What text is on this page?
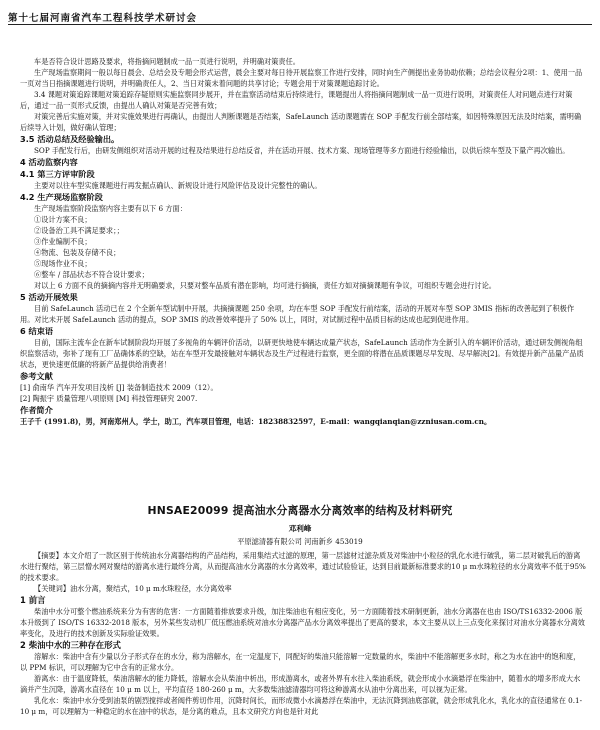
第十七届河南省汽车工程科技学术研讨会

车是否符合设计思路及要求，将指摘问题制成一品一页进行说明，并明确对策责任。

生产现场监察期间一般以每日晨会、总结会及专题会形式运营，晨会主要对每日待开展监察工作进行安排，同时向生产侧提出业务协助依赖；总结会议程分2项：1、使用一品一页对当日指摘课题进行说明，并明确责任人，2、当日对策未着问题的共享讨论；专题会用于对策课题追踪讨论。

3.4 课题对策追踪课题对策追踪存疑原则实施监察同步展开，并在监察活动结束后持续进行，课题提出人将指摘问题制成一品一页进行说明，对策责任人对问题点进行对策后，通过一品一页形式反馈，由提出人确认对策是否完善有效；

对策完善后实施对策，并对实施效果进行再确认，由提出人判断课题是否结案，SafeLaunch 活动课题需在 SOP 手配发行前全部结案，如因特殊原因无法及时结案，需明确后续导入计划，做好确认管理；

3.5 活动总结及经验输出。

SOP 手配发行后，由研发侧组织对活动开展的过程及结果进行总结反省，并在活动开展、技术方案、现场管理等多方面进行经验输出，以供后续车型及下量产再次输出。

4 活动监察内容

4.1 第三方评审阶段

主要对以往车型实施课题进行再发掘点确认、新规设计进行风险评估及设计完整性的确认。

4.2 生产现场监察阶段

生产现场监察阶段监察内容主要有以下 6 方面：

①设计方案不良；

②设备治工具不满足要求；；

③作业编制不良；

④物流、包装及存储不良；

⑤现场作业不良；

⑥整车 / 部品状态不符合设计要求；

对以上 6 方面不良的摘摘内容并无明确要求，只要对整车品质有潜在影响，均可进行摘摘，责任方如对摘摘课题有争议，可组织专题会进行讨论。

5 活动开展效果

目前 SafeLaunch 活动已在 2 个全新车型试制中开展，共摘摘课题 250 余项，均在车型 SOP 手配发行前结案，活动的开展对车型 SOP 3MIS 指标的改善起到了积极作用。对比未开展 SafeLaunch 活动的提点，SOP 3MIS 的改善效率提升了 50% 以上，同时，对试制过程中品质目标的达成也起到促进作用。

6 结束语

目前，国际主流车企在新车试制阶段均开展了多视角的车辆评价活动，以研更快地使车辆达成量产状态，SafeLaunch 活动作为全新引入的车辆评价活动，通过研发侧视角组织监察活动，弥补了现有工厂品确体系的空缺，站在车型开发最接触对车辆状态及生产过程进行监察，更全面的将潜在品质课题尽早发现、尽早解决[2]。有效提升新产品量产品质状态，更快速更低廉的将新产品提供给消费者！

参考文献

[1] 俞南华 汽车开发项目浅析 [J] 装备制造技术 2009（12）。

[2] 陶振宇 质量管理八项原则 [M] 科技管理研究 2007.

作者简介

王子千 (1991.8)，男，河南郑州人，学士，助工，汽车项目管理，电话：18238832597，E-mail：wangqianqian@zzniusan.com.cn。

HNSAE20099 提高油水分离器水分离效率的结构及材料研究
邓利峰
平原滤清器有限公司 河南新乡 453019

【摘要】本文介绍了一款区别于传统油水分离器结构的产品结构，采用集结式过滤的原理，第一层滤材过滤杂质及对柴油中小粒径的乳化水进行破乳，第二层对破乳后的游离水进行聚结，第三层憎水网对聚结的游离水进行最终分离，从而提高油水分离器的水分离效率，通过试验验证，达到目前最新标准要求的10 μ m水珠粒径的水分离效率不低于95%的技术要求。

【关键词】油水分离，聚结式，10 μ m水珠粒径，水分离效率

1 前言

柴油中水分可整个燃油系统来分为有害的危害：一方面随着排放要求升级，加注柴油也有相应变化，另一方面随着技术研制更新，油水分离器在也由 ISO/TS16332-2006 版本升级到了 ISO/TS 16332-2018 版本，另外某些发动机厂低压燃油系统对油水分离器产品水分离效率提出了更高的要求，本文主要从以上三点变化来探讨对油水分离器水分离效率变化，及进行的技术创新及实际验证效果。

2 柴油中水的三种存在形式

溶解水：柴油中含有少量以分子形式存在的水分，称为溶解水，在一定温度下，同配好的柴油只能溶解一定数量的水，柴油中不能溶解更多水时，称之为水在油中的饱和度，以 PPM 标识，可以理解为它中含有的正常水分。

游离水：由于温度降低，柴油溶解水的能力降低，溶解水会从柴油中析出，形成游离水，或者外界有水往入柴油系统，就会形成小水滴悬浮在柴油中，随着水的增多形成大水滴并产生沉降，游离水直径在 10 μ m 以上，平均直径 180-260 μ m，大多数柴油滤清器均可将这种游离水从油中分离出来，可以视为正常。

乳化水：柴油中水分受到油泵的剧烈搅拌或者阀件剪切作用，沉降时间长，而形成微小水滴悬浮在柴油中，无法沉降到油底部就，就会形成乳化水，乳化水的直径通常在 0.1-10 μ m，可以理解为一种稳定的水在油中的状态，是分离的难点，且本文研究方向也是针对此
